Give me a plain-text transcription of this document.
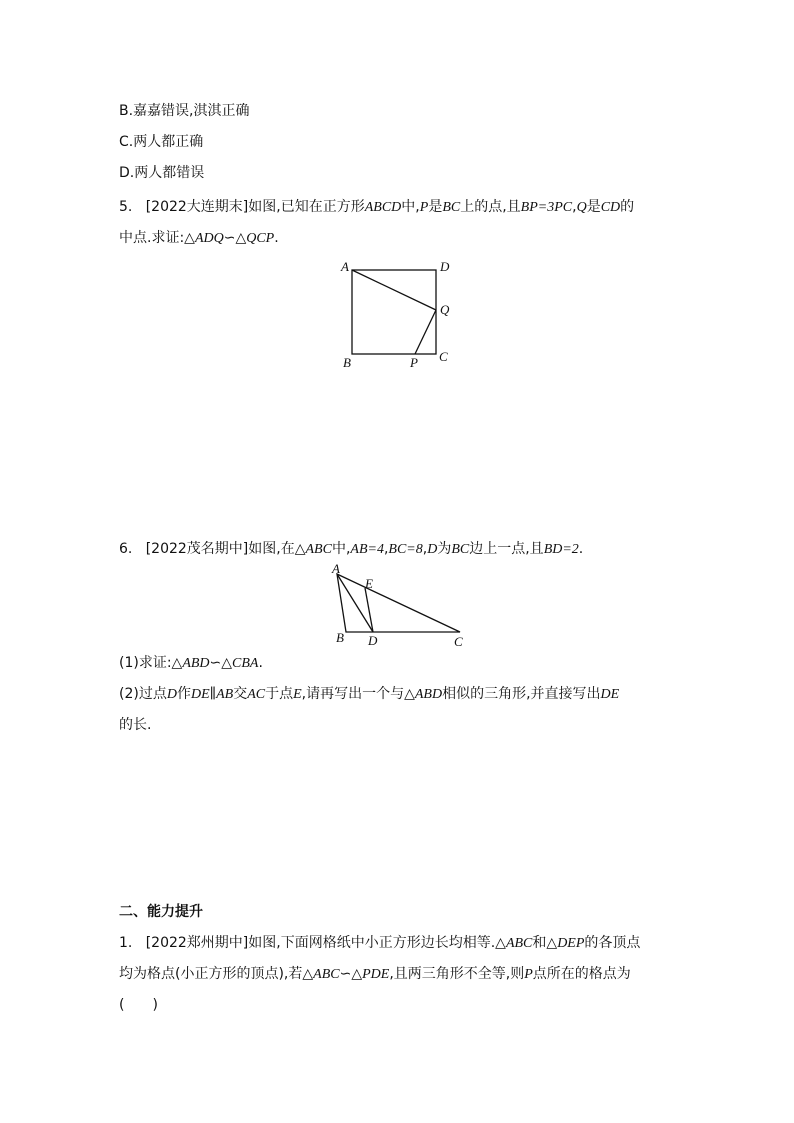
B.嘉嘉错误,淇淇正确
C.两人都正确
D.两人都错误
5. [2022大连期末]如图,已知在正方形ABCD中,P是BC上的点,且BP=3PC,Q是CD的
中点.求证:△ADQ∽△QCP.
A	D
Q
B	P C
6. [2022茂名期中]如图,在△ABC中,AB=4,BC=8,D为BC边上一点,且BD=2.
A
E
B D	C
(1)求证:△ABD∽△CBA.
(2)过点D作DE∥AB交AC于点E,请再写出一个与△ABD相似的三角形,并直接写出DE
的长.
二、能力提升
1. [2022郑州期中]如图,下面网格纸中小正方形边长均相等.△ABC和△DEP的各顶点
均为格点(小正方形的顶点),若△ABC∽△PDE,且两三角形不全等,则P点所在的格点为
(　　)
